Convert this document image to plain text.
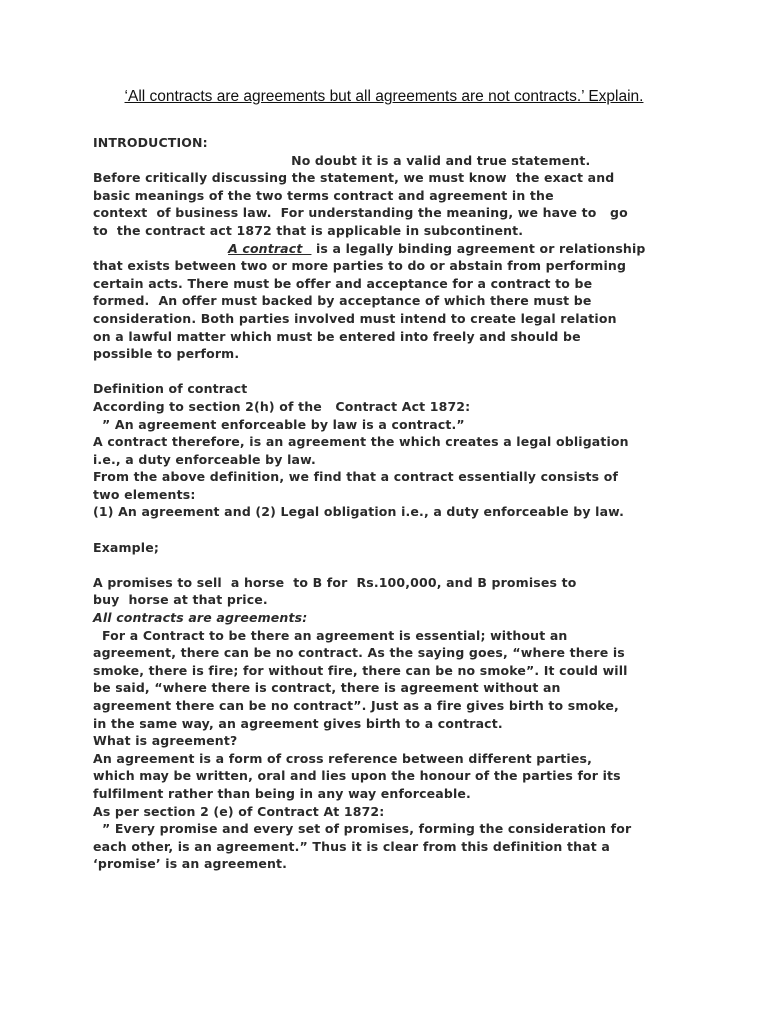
‘All contracts are agreements but all agreements are not contracts.’ Explain.
INTRODUCTION:
No doubt it is a valid and true statement.
Before critically discussing the statement, we must know  the exact and
basic meanings of the two terms contract and agreement in the
context  of business law.  For understanding the meaning, we have to   go
to  the contract act 1872 that is applicable in subcontinent.
A contract   is a legally binding agreement or relationship
that exists between two or more parties to do or abstain from performing
certain acts. There must be offer and acceptance for a contract to be
formed.  An offer must backed by acceptance of which there must be
consideration. Both parties involved must intend to create legal relation
on a lawful matter which must be entered into freely and should be
possible to perform.
Definition of contract
According to section 2(h) of the   Contract Act 1872:
” An agreement enforceable by law is a contract.”
A contract therefore, is an agreement the which creates a legal obligation
i.e., a duty enforceable by law.
From the above definition, we find that a contract essentially consists of
two elements:
(1) An agreement and (2) Legal obligation i.e., a duty enforceable by law.
Example;
A promises to sell  a horse  to B for  Rs.100,000, and B promises to
buy  horse at that price.
All contracts are agreements:
For a Contract to be there an agreement is essential; without an
agreement, there can be no contract. As the saying goes, “where there is
smoke, there is fire; for without fire, there can be no smoke”. It could will
be said, “where there is contract, there is agreement without an
agreement there can be no contract”. Just as a fire gives birth to smoke,
in the same way, an agreement gives birth to a contract.
What is agreement?
An agreement is a form of cross reference between different parties,
which may be written, oral and lies upon the honour of the parties for its
fulfilment rather than being in any way enforceable.
As per section 2 (e) of Contract At 1872:
” Every promise and every set of promises, forming the consideration for
each other, is an agreement.” Thus it is clear from this definition that a
‘promise’ is an agreement.
